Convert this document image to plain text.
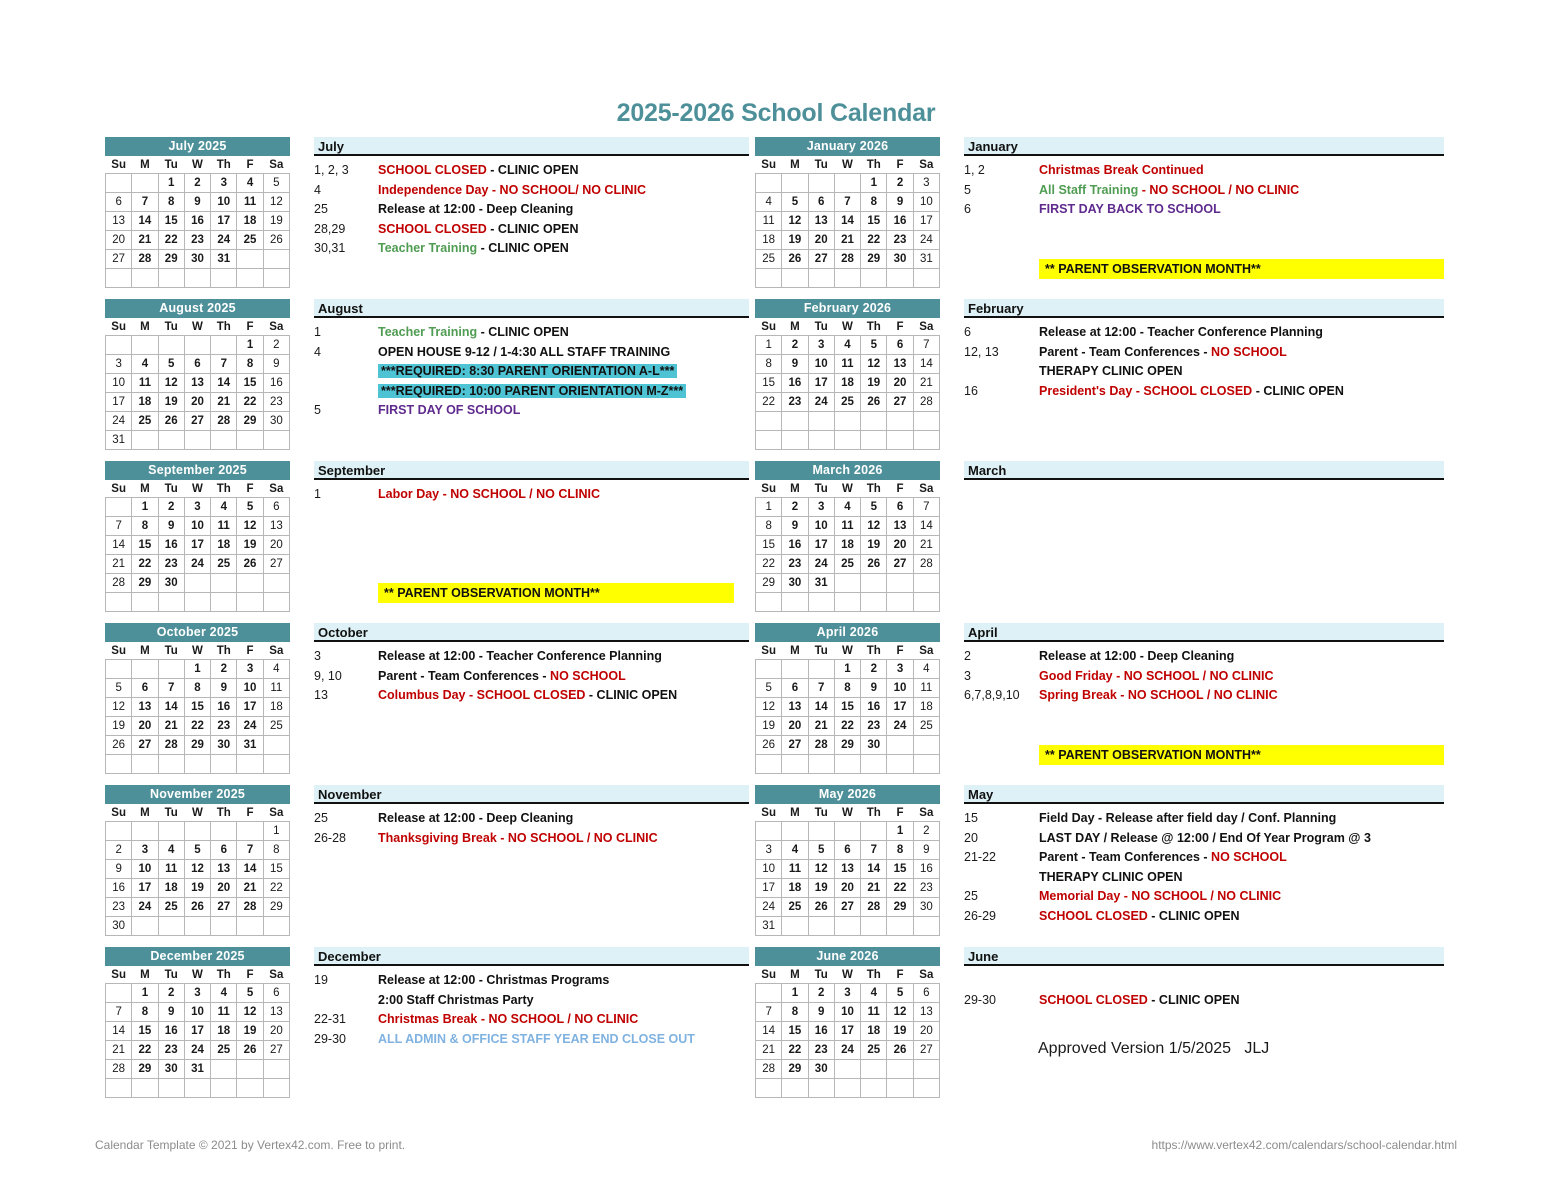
2025-2026 School Calendar
July 2025
Su	M	Tu	W	Th	F	Sa
		1	2	3	4	5
6	7	8	9	10	11	12
13	14	15	16	17	18	19
20	21	22	23	24	25	26
27	28	29	30	31		

July
1, 2, 3	SCHOOL CLOSED - CLINIC OPEN
4	Independence Day - NO SCHOOL/ NO CLINIC
25	Release at 12:00 - Deep Cleaning
28,29	SCHOOL CLOSED - CLINIC OPEN
30,31	Teacher Training - CLINIC OPEN
January 2026
Su	M	Tu	W	Th	F	Sa
				1	2	3
4	5	6	7	8	9	10
11	12	13	14	15	16	17
18	19	20	21	22	23	24
25	26	27	28	29	30	31

January
1, 2	Christmas Break Continued
5	All Staff Training - NO SCHOOL / NO CLINIC
6	FIRST DAY BACK TO SCHOOL
** PARENT OBSERVATION MONTH**
August 2025
Su	M	Tu	W	Th	F	Sa
					1	2
3	4	5	6	7	8	9
10	11	12	13	14	15	16
17	18	19	20	21	22	23
24	25	26	27	28	29	30
31						
August
1	Teacher Training - CLINIC OPEN
4	OPEN HOUSE 9-12 / 1-4:30 ALL STAFF TRAINING
***REQUIRED: 8:30 PARENT ORIENTATION A-L***
***REQUIRED: 10:00 PARENT ORIENTATION M-Z***
5	FIRST DAY OF SCHOOL
February 2026
Su	M	Tu	W	Th	F	Sa
1	2	3	4	5	6	7
8	9	10	11	12	13	14
15	16	17	18	19	20	21
22	23	24	25	26	27	28

February
6	Release at 12:00 - Teacher Conference Planning
12, 13	Parent - Team Conferences - NO SCHOOL
THERAPY CLINIC OPEN
16	President's Day - SCHOOL CLOSED - CLINIC OPEN
September 2025
Su	M	Tu	W	Th	F	Sa
	1	2	3	4	5	6
7	8	9	10	11	12	13
14	15	16	17	18	19	20
21	22	23	24	25	26	27
28	29	30				

September
1	Labor Day - NO SCHOOL / NO CLINIC
** PARENT OBSERVATION MONTH**
March 2026
Su	M	Tu	W	Th	F	Sa
1	2	3	4	5	6	7
8	9	10	11	12	13	14
15	16	17	18	19	20	21
22	23	24	25	26	27	28
29	30	31				

March
October 2025
Su	M	Tu	W	Th	F	Sa
			1	2	3	4
5	6	7	8	9	10	11
12	13	14	15	16	17	18
19	20	21	22	23	24	25
26	27	28	29	30	31	

October
3	Release at 12:00 - Teacher Conference Planning
9, 10	Parent - Team Conferences - NO SCHOOL
13	Columbus Day - SCHOOL CLOSED - CLINIC OPEN
April 2026
Su	M	Tu	W	Th	F	Sa
			1	2	3	4
5	6	7	8	9	10	11
12	13	14	15	16	17	18
19	20	21	22	23	24	25
26	27	28	29	30		

April
2	Release at 12:00 - Deep Cleaning
3	Good Friday - NO SCHOOL / NO CLINIC
6,7,8,9,10	Spring Break - NO SCHOOL / NO CLINIC
** PARENT OBSERVATION MONTH**
November 2025
Su	M	Tu	W	Th	F	Sa
						1
2	3	4	5	6	7	8
9	10	11	12	13	14	15
16	17	18	19	20	21	22
23	24	25	26	27	28	29
30						
November
25	Release at 12:00 - Deep Cleaning
26-28	Thanksgiving Break - NO SCHOOL / NO CLINIC
May 2026
Su	M	Tu	W	Th	F	Sa
					1	2
3	4	5	6	7	8	9
10	11	12	13	14	15	16
17	18	19	20	21	22	23
24	25	26	27	28	29	30
31						
May
15	Field Day - Release after field day / Conf. Planning
20	LAST DAY / Release @ 12:00 / End Of Year Program @ 3
21-22	Parent - Team Conferences - NO SCHOOL
THERAPY CLINIC OPEN
25	Memorial Day - NO SCHOOL / NO CLINIC
26-29	SCHOOL CLOSED - CLINIC OPEN
December 2025
Su	M	Tu	W	Th	F	Sa
	1	2	3	4	5	6
7	8	9	10	11	12	13
14	15	16	17	18	19	20
21	22	23	24	25	26	27
28	29	30	31			

December
19	Release at 12:00 - Christmas Programs
2:00 Staff Christmas Party
22-31	Christmas Break - NO SCHOOL / NO CLINIC
29-30	ALL ADMIN & OFFICE STAFF YEAR END CLOSE OUT
June 2026
Su	M	Tu	W	Th	F	Sa
	1	2	3	4	5	6
7	8	9	10	11	12	13
14	15	16	17	18	19	20
21	22	23	24	25	26	27
28	29	30				

June
29-30	SCHOOL CLOSED - CLINIC OPEN
Approved Version 1/5/2025   JLJ
Calendar Template © 2021 by Vertex42.com. Free to print.	https://www.vertex42.com/calendars/school-calendar.html
